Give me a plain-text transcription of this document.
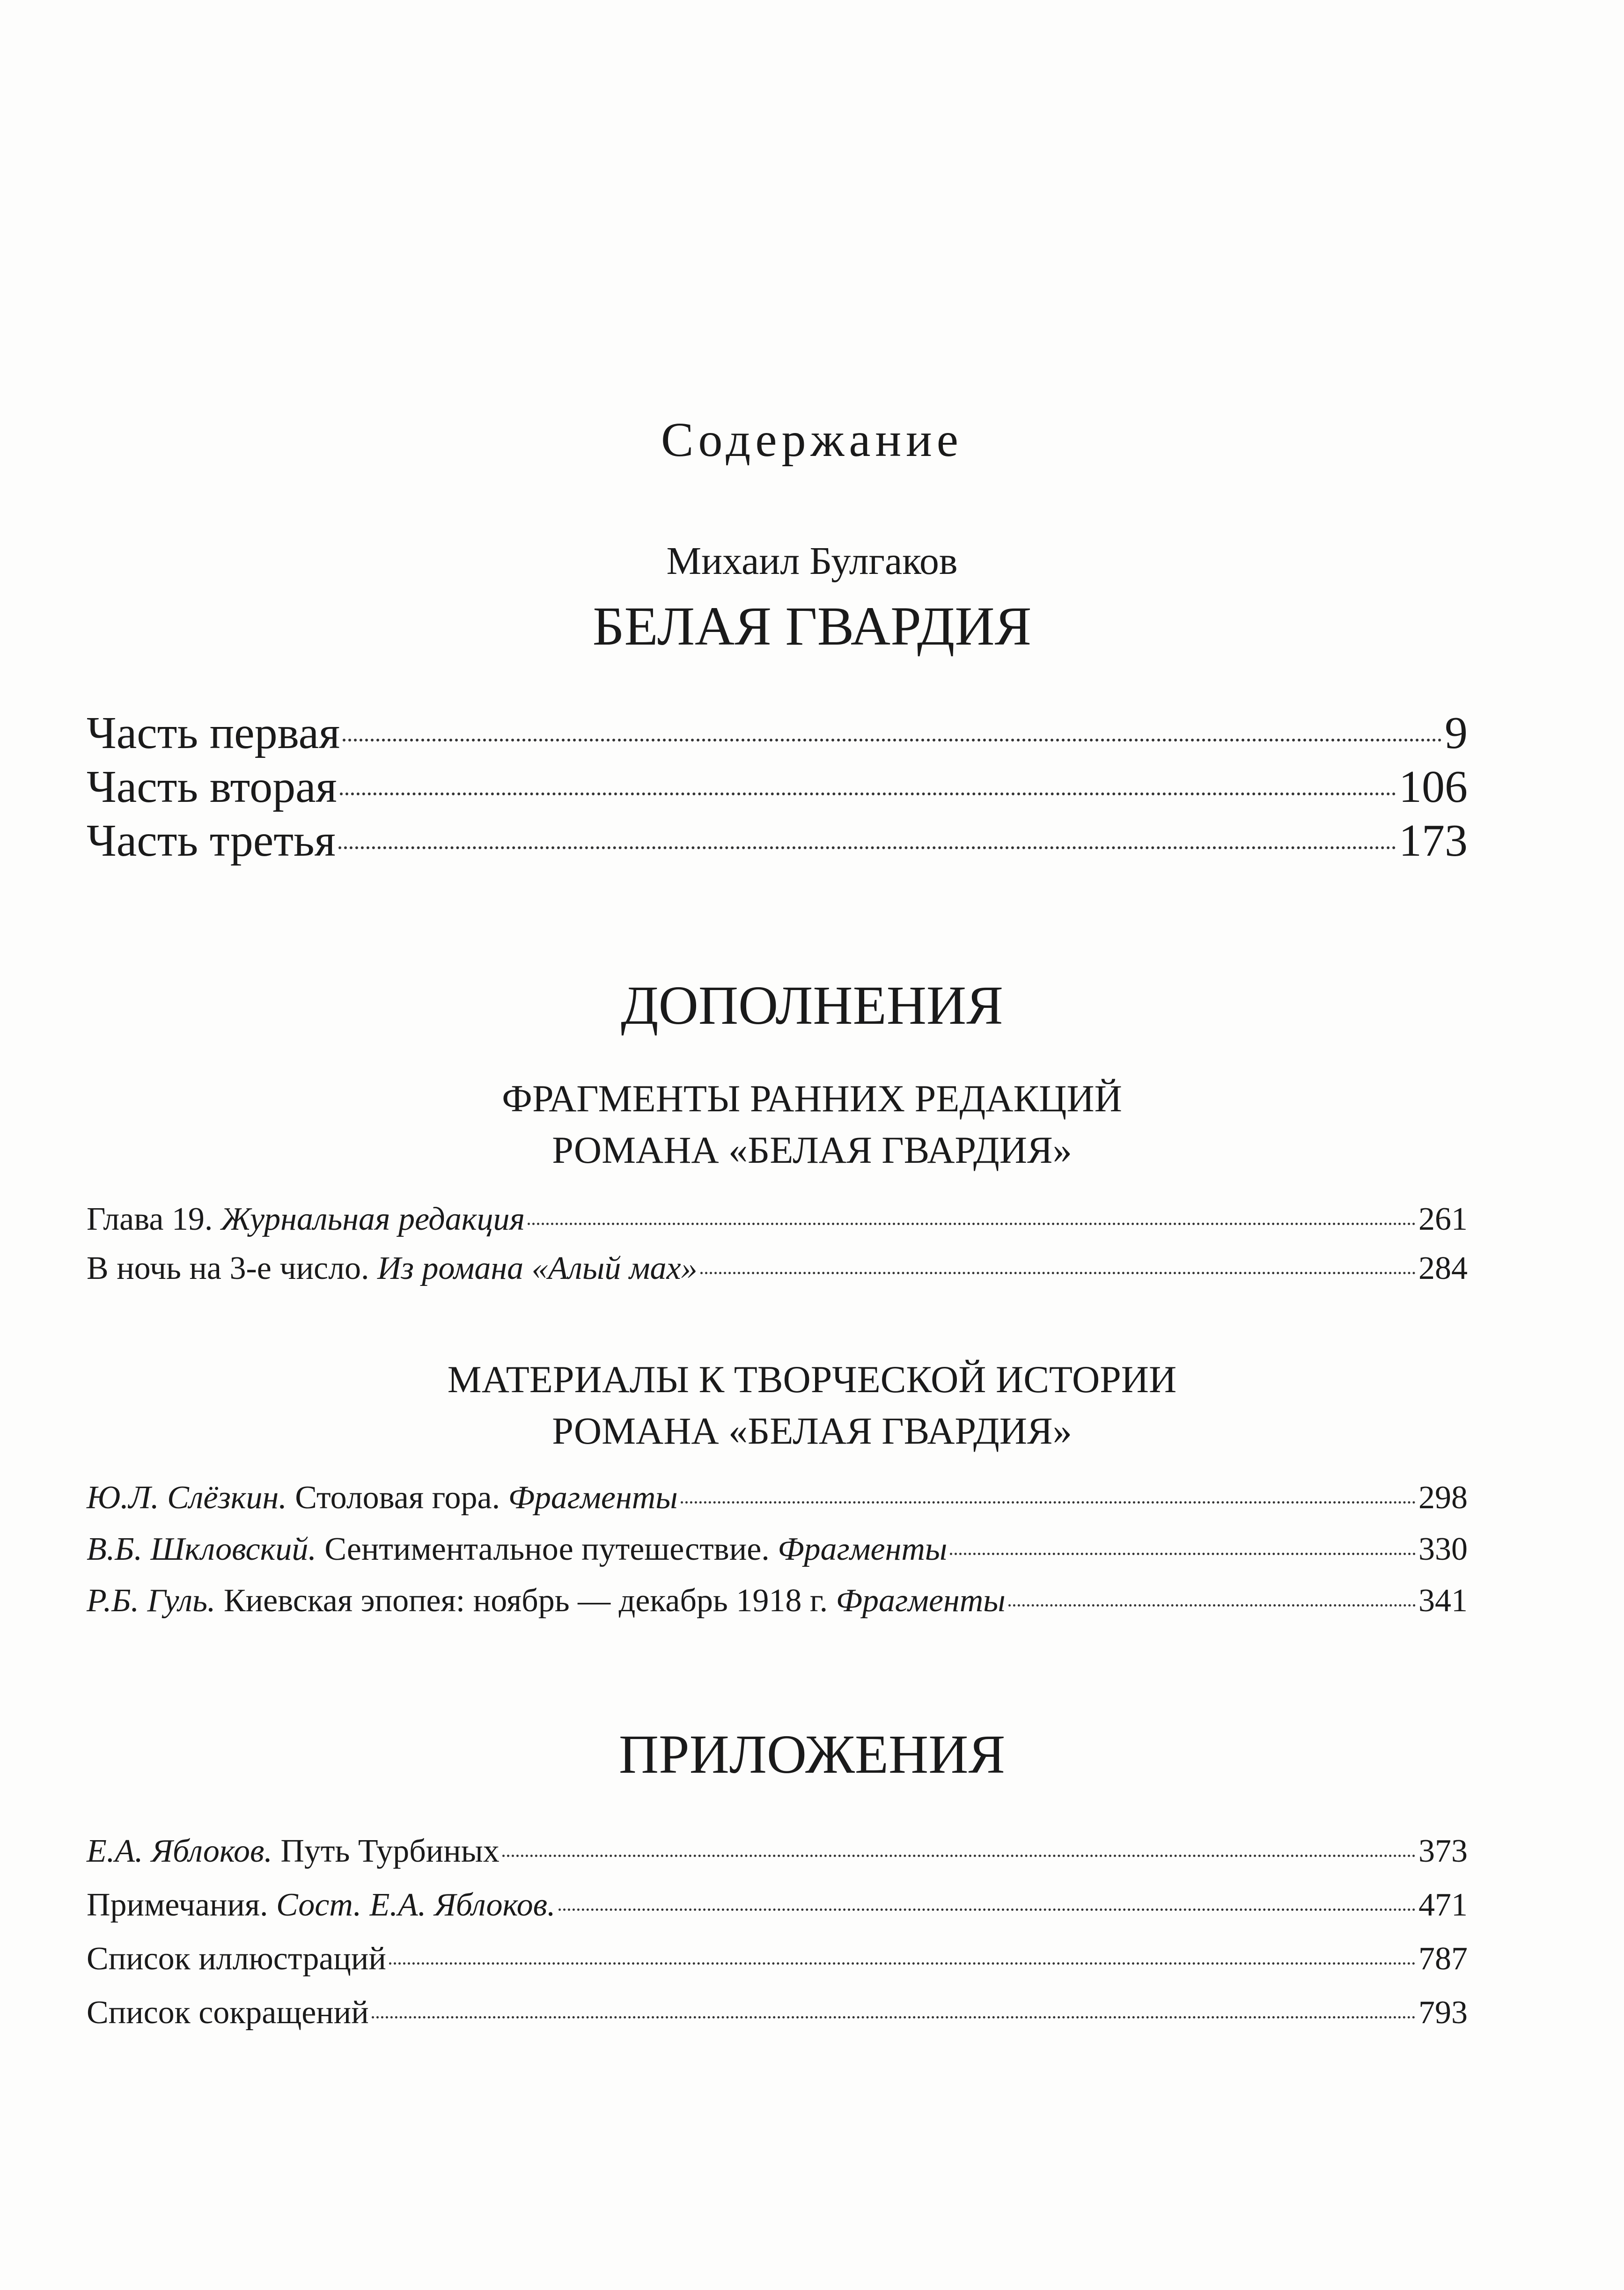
Содержание
Михаил Булгаков
БЕЛАЯ ГВАРДИЯ
Часть первая	9
Часть вторая	106
Часть третья	173
ДОПОЛНЕНИЯ
ФРАГМЕНТЫ РАННИХ РЕДАКЦИЙ
РОМАНА «БЕЛАЯ ГВАРДИЯ»
Глава 19. Журнальная редакция	261
В ночь на 3-е число. Из романа «Алый мах»	284
МАТЕРИАЛЫ К ТВОРЧЕСКОЙ ИСТОРИИ
РОМАНА «БЕЛАЯ ГВАРДИЯ»
Ю.Л. Слёзкин. Столовая гора. Фрагменты	298
В.Б. Шкловский. Сентиментальное путешествие. Фрагменты	330
Р.Б. Гуль. Киевская эпопея: ноябрь — декабрь 1918 г. Фрагменты	341
ПРИЛОЖЕНИЯ
Е.А. Яблоков. Путь Турбиных	373
Примечания. Сост. Е.А. Яблоков.	471
Список иллюстраций	787
Список сокращений	793
